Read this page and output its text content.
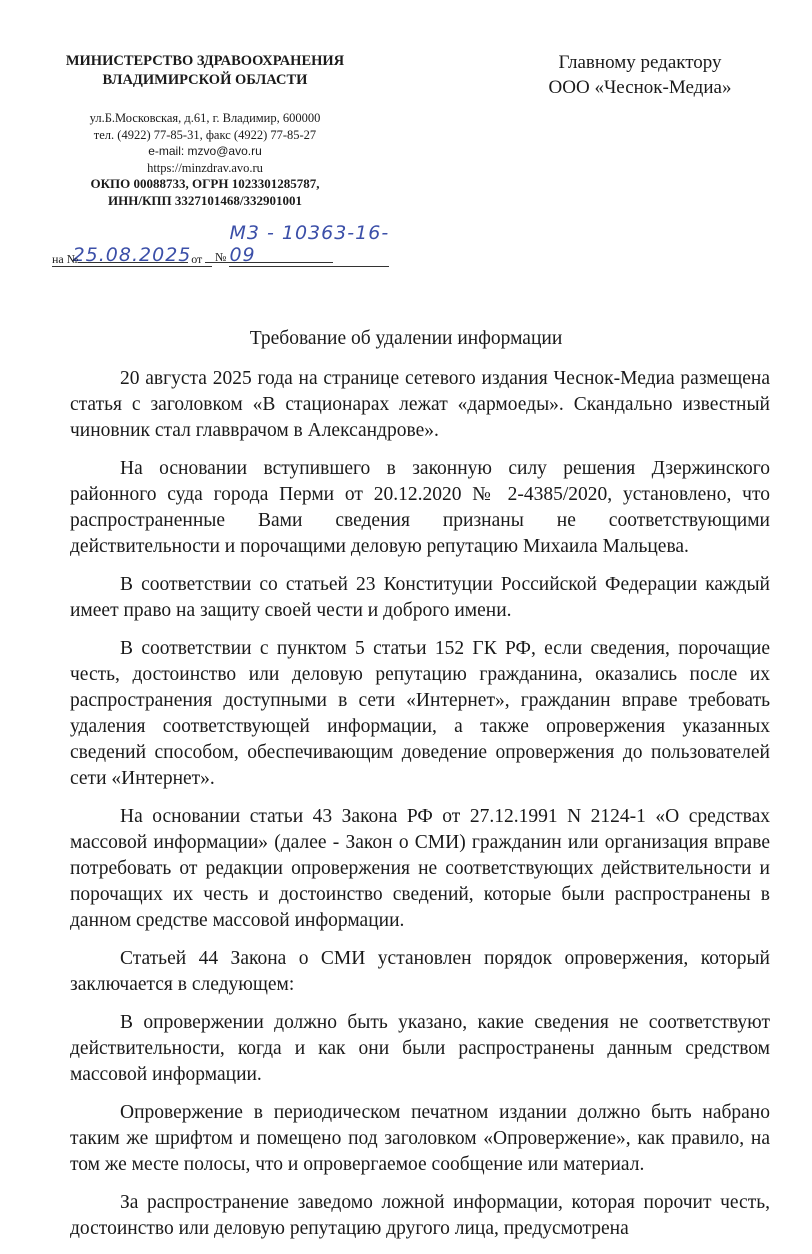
МИНИСТЕРСТВО ЗДРАВООХРАНЕНИЯ
ВЛАДИМИРСКОЙ ОБЛАСТИ
ул.Б.Московская, д.61, г. Владимир, 600000
тел. (4922) 77-85-31, факс (4922) 77-85-27
e-mail: mzvo@avo.ru
https://minzdrav.avo.ru
ОКПО 00088733, ОГРН 1023301285787,
ИНН/КПП 3327101468/332901001
Главному редактору
ООО «Чеснок-Медиа»
25.08.2025 № М3 - 10363-16-09
на №	от
Требование об удалении информации

20 августа 2025 года на странице сетевого издания Чеснок-Медиа размещена статья с заголовком «В стационарах лежат «дармоеды». Скандально известный чиновник стал главврачом в Александрове».

На основании вступившего в законную силу решения Дзержинского районного суда города Перми от 20.12.2020 № 2-4385/2020, установлено, что распространенные Вами сведения признаны не соответствующими действительности и порочащими деловую репутацию Михаила Мальцева.

В соответствии со статьей 23 Конституции Российской Федерации каждый имеет право на защиту своей чести и доброго имени.

В соответствии с пунктом 5 статьи 152 ГК РФ, если сведения, порочащие честь, достоинство или деловую репутацию гражданина, оказались после их распространения доступными в сети «Интернет», гражданин вправе требовать удаления соответствующей информации, а также опровержения указанных сведений способом, обеспечивающим доведение опровержения до пользователей сети «Интернет».

На основании статьи 43 Закона РФ от 27.12.1991 N 2124-1 «О средствах массовой информации» (далее - Закон о СМИ) гражданин или организация вправе потребовать от редакции опровержения не соответствующих действительности и порочащих их честь и достоинство сведений, которые были распространены в данном средстве массовой информации.

Статьей 44 Закона о СМИ установлен порядок опровержения, который заключается в следующем:

В опровержении должно быть указано, какие сведения не соответствуют действительности, когда и как они были распространены данным средством массовой информации.

Опровержение в периодическом печатном издании должно быть набрано таким же шрифтом и помещено под заголовком «Опровержение», как правило, на том же месте полосы, что и опровергаемое сообщение или материал.

За распространение заведомо ложной информации, которая порочит честь, достоинство или деловую репутацию другого лица, предусмотрена
